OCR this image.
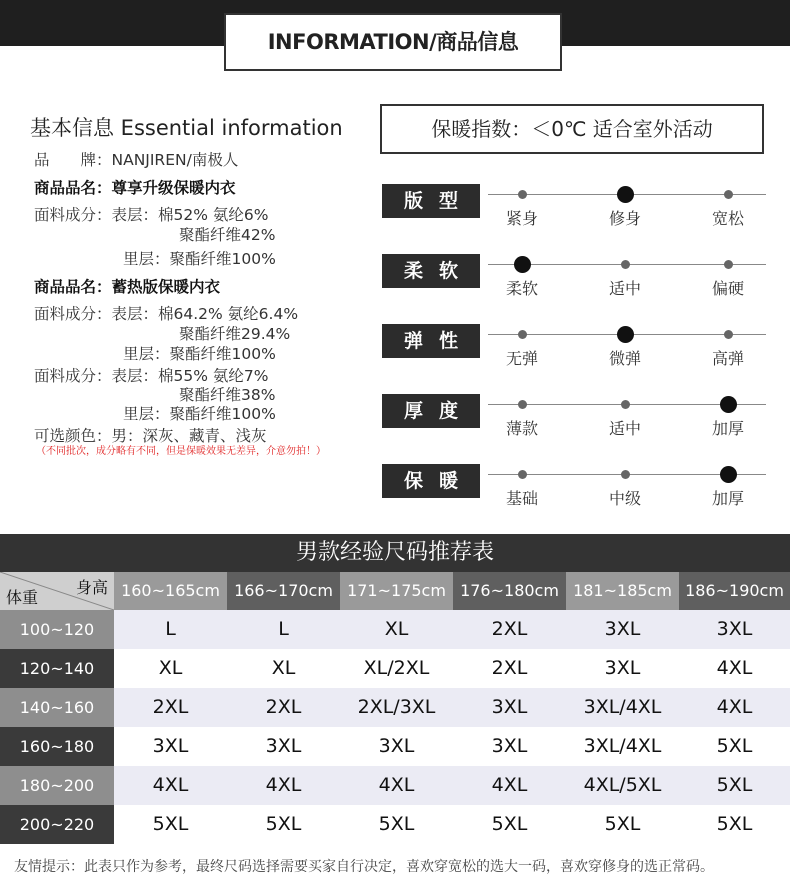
INFORMATION/商品信息
基本信息 Essential information
品　　牌：NANJIREN/南极人
商品品名：尊享升级保暖内衣
面料成分：表层：棉52% 氨纶6%
聚酯纤维42%
里层：聚酯纤维100%
商品品名：蓄热版保暖内衣
面料成分：表层：棉64.2% 氨纶6.4%
聚酯纤维29.4%
里层：聚酯纤维100%
面料成分：表层：棉55% 氨纶7%
聚酯纤维38%
里层：聚酯纤维100%
可选颜色：男：深灰、藏青、浅灰
（不同批次，成分略有不同，但是保暖效果无差异，介意勿拍！）
保暖指数：＜0℃ 适合室外活动
版型
紧身	修身	宽松
柔软
柔软	适中	偏硬
弹性
无弹	微弹	高弹
厚度
薄款	适中	加厚
保暖
基础	中级	加厚
男款经验尺码推荐表
身高
体重	160~165cm 166~170cm 171~175cm 176~180cm 181~185cm 186~190cm
100~120	L	L	XL	2XL	3XL	3XL
120~140	XL	XL	XL/2XL	2XL	3XL	4XL
140~160	2XL	2XL	2XL/3XL	3XL	3XL/4XL	4XL
160~180	3XL	3XL	3XL	3XL	3XL/4XL	5XL
180~200	4XL	4XL	4XL	4XL	4XL/5XL	5XL
200~220	5XL	5XL	5XL	5XL	5XL	5XL
友情提示：此表只作为参考，最终尺码选择需要买家自行决定，喜欢穿宽松的选大一码，喜欢穿修身的选正常码。
